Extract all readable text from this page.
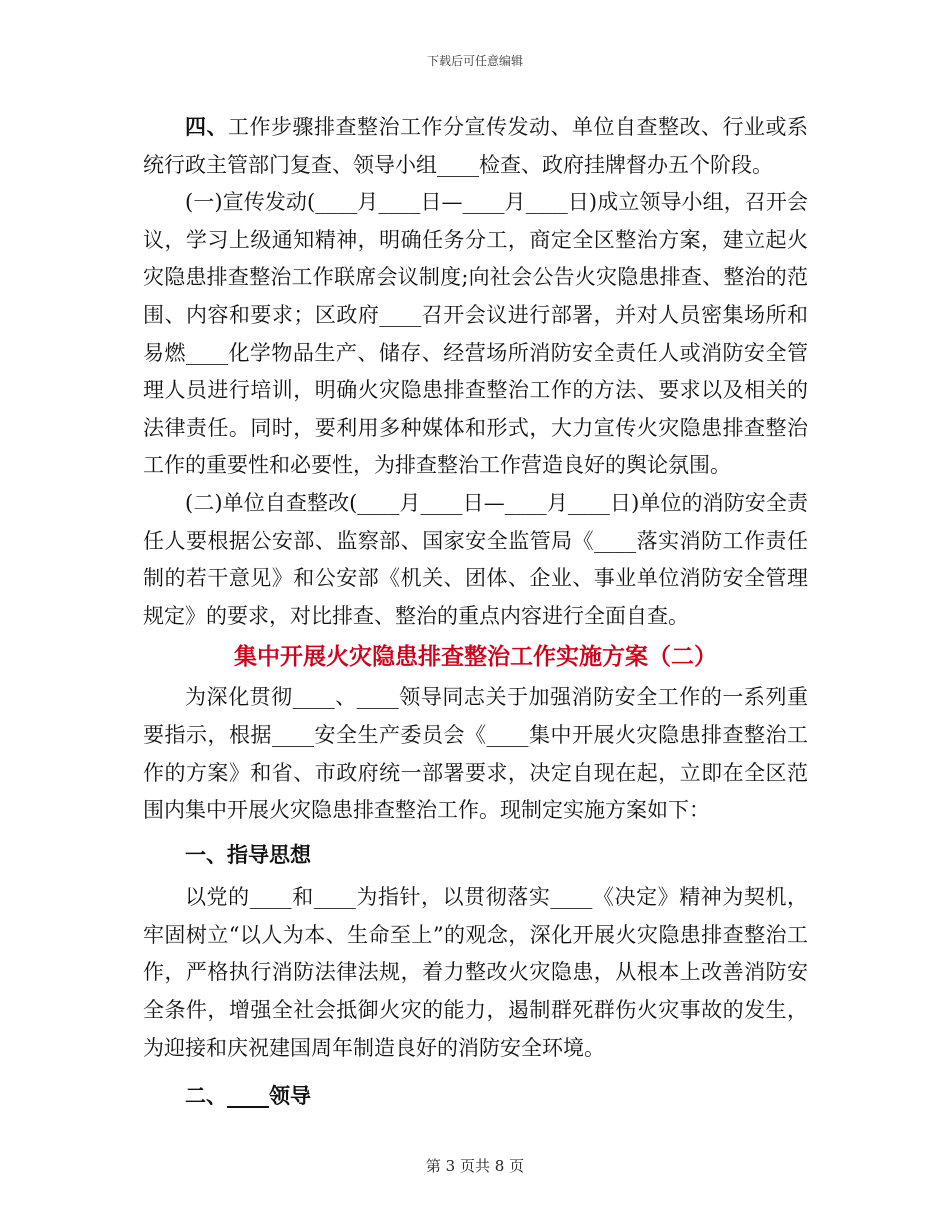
下载后可任意编辑

四、工作步骤排查整治工作分宣传发动、单位自查整改、行业或系统行政主管部门复查、领导小组____检查、政府挂牌督办五个阶段。

(一)宣传发动(____月____日—____月____日)成立领导小组，召开会议，学习上级通知精神，明确任务分工，商定全区整治方案，建立起火灾隐患排查整治工作联席会议制度;向社会公告火灾隐患排查、整治的范围、内容和要求；区政府____召开会议进行部署，并对人员密集场所和易燃____化学物品生产、储存、经营场所消防安全责任人或消防安全管理人员进行培训，明确火灾隐患排查整治工作的方法、要求以及相关的法律责任。同时，要利用多种媒体和形式，大力宣传火灾隐患排查整治工作的重要性和必要性，为排查整治工作营造良好的舆论氛围。

(二)单位自查整改(____月____日—____月____日)单位的消防安全责任人要根据公安部、监察部、国家安全监管局《____落实消防工作责任制的若干意见》和公安部《机关、团体、企业、事业单位消防安全管理规定》的要求，对比排查、整治的重点内容进行全面自查。

集中开展火灾隐患排查整治工作实施方案（二）

为深化贯彻____、____领导同志关于加强消防安全工作的一系列重要指示，根据____安全生产委员会《____集中开展火灾隐患排查整治工作的方案》和省、市政府统一部署要求，决定自现在起，立即在全区范围内集中开展火灾隐患排查整治工作。现制定实施方案如下：

一、指导思想

以党的____和____为指针，以贯彻落实____《决定》精神为契机，牢固树立“以人为本、生命至上”的观念，深化开展火灾隐患排查整治工作，严格执行消防法律法规，着力整改火灾隐患，从根本上改善消防安全条件，增强全社会抵御火灾的能力，遏制群死群伤火灾事故的发生，为迎接和庆祝建国周年制造良好的消防安全环境。

二、____领导
第 3 页共 8 页
